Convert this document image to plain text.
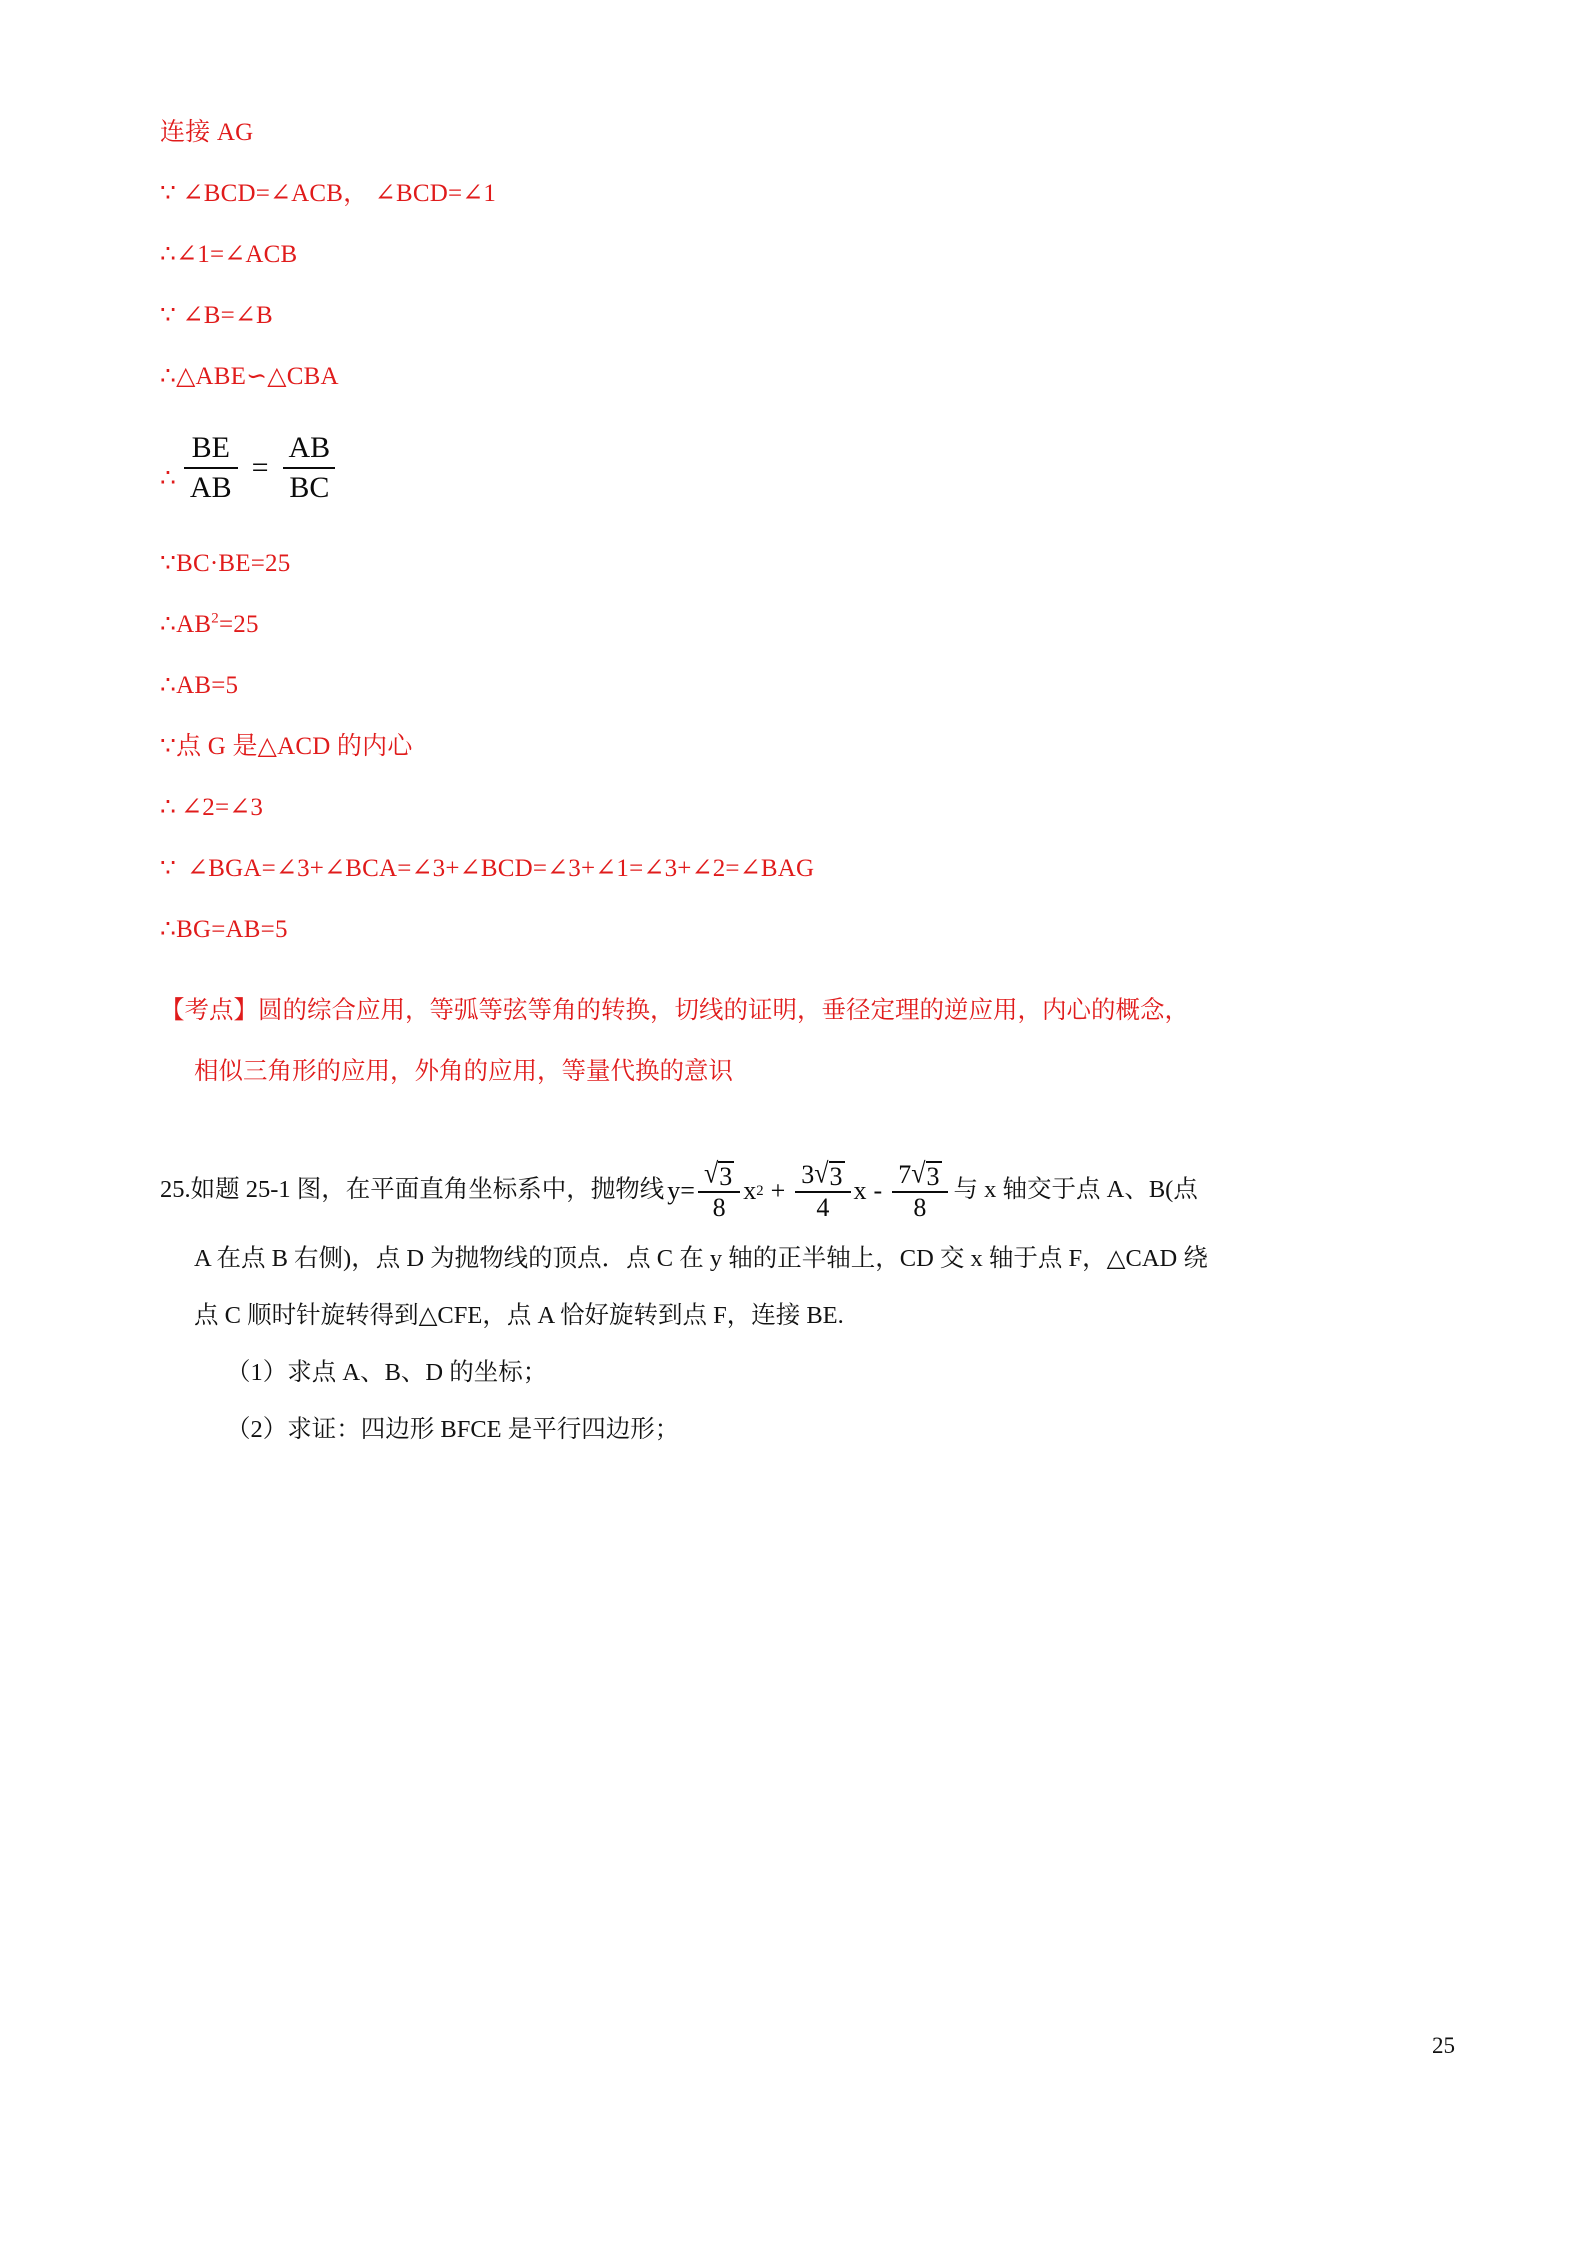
连接 AG
∵ ∠BCD=∠ACB， ∠BCD=∠1
∴∠1=∠ACB
∵ ∠B=∠B
∴△ABE∽△CBA
∴ $\frac{BE}{AB} = \frac{AB}{BC}$
∵BC·BE=25
$\therefore AB^2=25$
∴AB=5
∵点 G 是△ACD 的内心
∴ ∠2=∠3
∵ ∠BGA=∠3+∠BCA=∠3+∠BCD=∠3+∠1=∠3+∠2=∠BAG
∴BG=AB=5
【考点】圆的综合应用，等弧等弦等角的转换，切线的证明，垂径定理的逆应用，内心的概念，
相似三角形的应用，外角的应用，等量代换的意识
25. 如题 25-1 图，在平面直角坐标系中，抛物线 $y= \frac{√ 3}{8}$ x $2 + \frac{3 √ 3}{4}$ x - $\frac{7 √ 3}{8}$ 与 x 轴交于点 A、B(点
A 在点 B 右侧)，点 D 为抛物线的顶点．点 C 在 y 轴的正半轴上，CD 交 x 轴于点 F，△CAD 绕
点 C 顺时针旋转得到△CFE，点 A 恰好旋转到点 F，连接 BE.
（1）求点 A、B、D 的坐标；
（2）求证：四边形 BFCE 是平行四边形；
25
